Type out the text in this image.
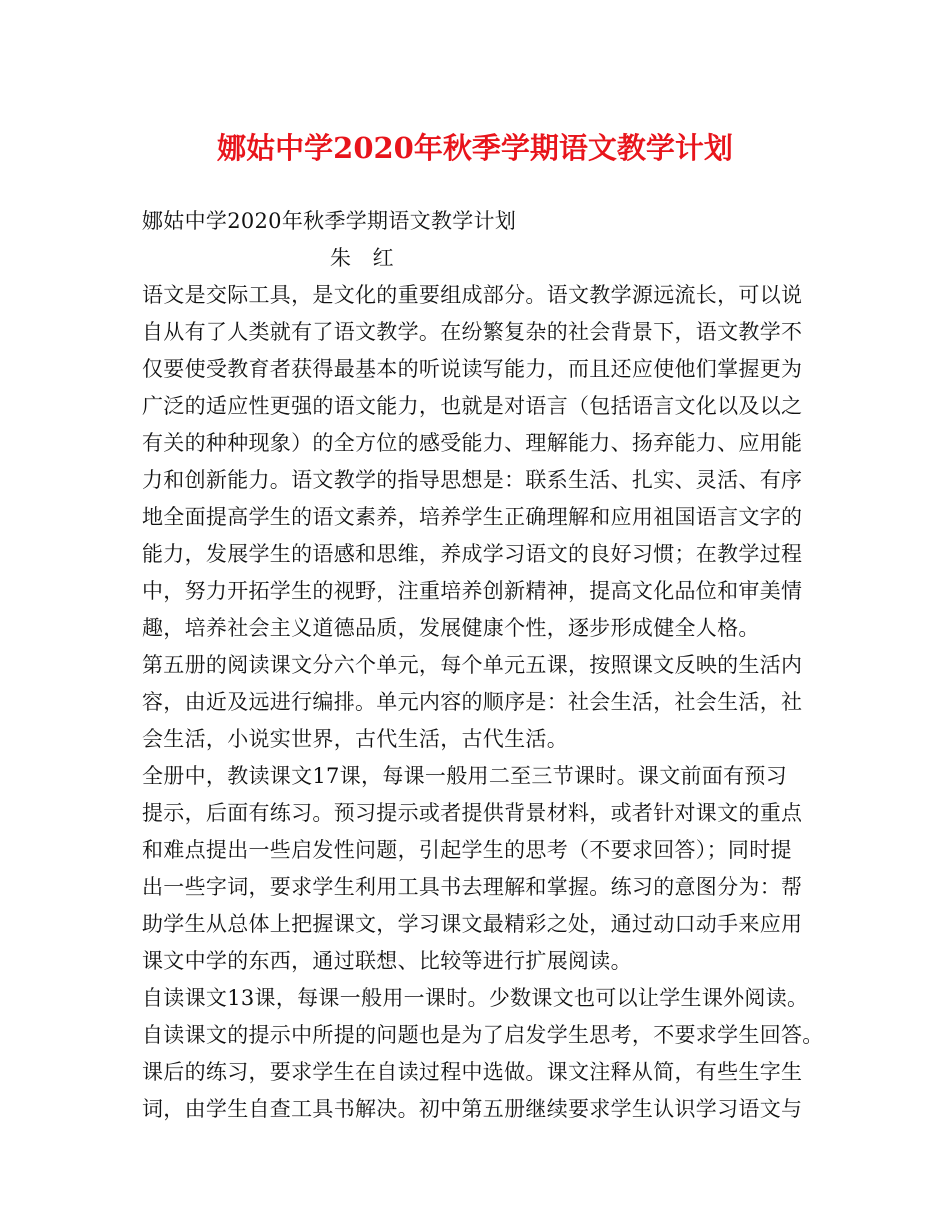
娜姑中学2020年秋季学期语文教学计划
娜姑中学2020年秋季学期语文教学计划
朱　红
语文是交际工具，是文化的重要组成部分。语文教学源远流长，可以说
自从有了人类就有了语文教学。在纷繁复杂的社会背景下，语文教学不
仅要使受教育者获得最基本的听说读写能力，而且还应使他们掌握更为
广泛的适应性更强的语文能力，也就是对语言（包括语言文化以及以之
有关的种种现象）的全方位的感受能力、理解能力、扬弃能力、应用能
力和创新能力。语文教学的指导思想是：联系生活、扎实、灵活、有序
地全面提高学生的语文素养，培养学生正确理解和应用祖国语言文字的
能力，发展学生的语感和思维，养成学习语文的良好习惯；在教学过程
中，努力开拓学生的视野，注重培养创新精神，提高文化品位和审美情
趣，培养社会主义道德品质，发展健康个性，逐步形成健全人格。
第五册的阅读课文分六个单元，每个单元五课，按照课文反映的生活内
容，由近及远进行编排。单元内容的顺序是：社会生活，社会生活，社
会生活，小说实世界，古代生活，古代生活。
全册中，教读课文17课，每课一般用二至三节课时。课文前面有预习
提示，后面有练习。预习提示或者提供背景材料，或者针对课文的重点
和难点提出一些启发性问题，引起学生的思考（不要求回答）；同时提
出一些字词，要求学生利用工具书去理解和掌握。练习的意图分为：帮
助学生从总体上把握课文，学习课文最精彩之处，通过动口动手来应用
课文中学的东西，通过联想、比较等进行扩展阅读。
自读课文13课，每课一般用一课时。少数课文也可以让学生课外阅读。
自读课文的提示中所提的问题也是为了启发学生思考，不要求学生回答。
课后的练习，要求学生在自读过程中选做。课文注释从简，有些生字生
词，由学生自查工具书解决。初中第五册继续要求学生认识学习语文与
